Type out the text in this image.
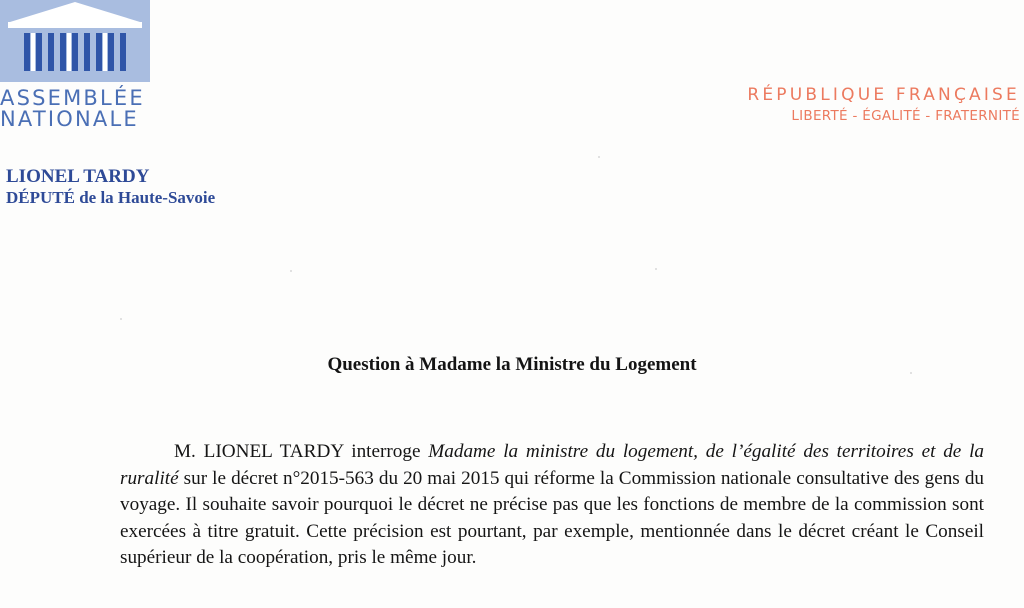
ASSEMBLÉE
NATIONALE
RÉPUBLIQUE FRANÇAISE
LIBERTÉ - ÉGALITÉ - FRATERNITÉ
LIONEL TARDY
DÉPUTÉ de la Haute-Savoie
Question à Madame la Ministre du Logement
M. LIONEL TARDY interroge Madame la ministre du logement, de l’égalité des territoires et de la ruralité sur le décret n°2015-563 du 20 mai 2015 qui réforme la Commission nationale consultative des gens du voyage. Il souhaite savoir pourquoi le décret ne précise pas que les fonctions de membre de la commission sont exercées à titre gratuit. Cette précision est pourtant, par exemple, mentionnée dans le décret créant le Conseil supérieur de la coopération, pris le même jour.
